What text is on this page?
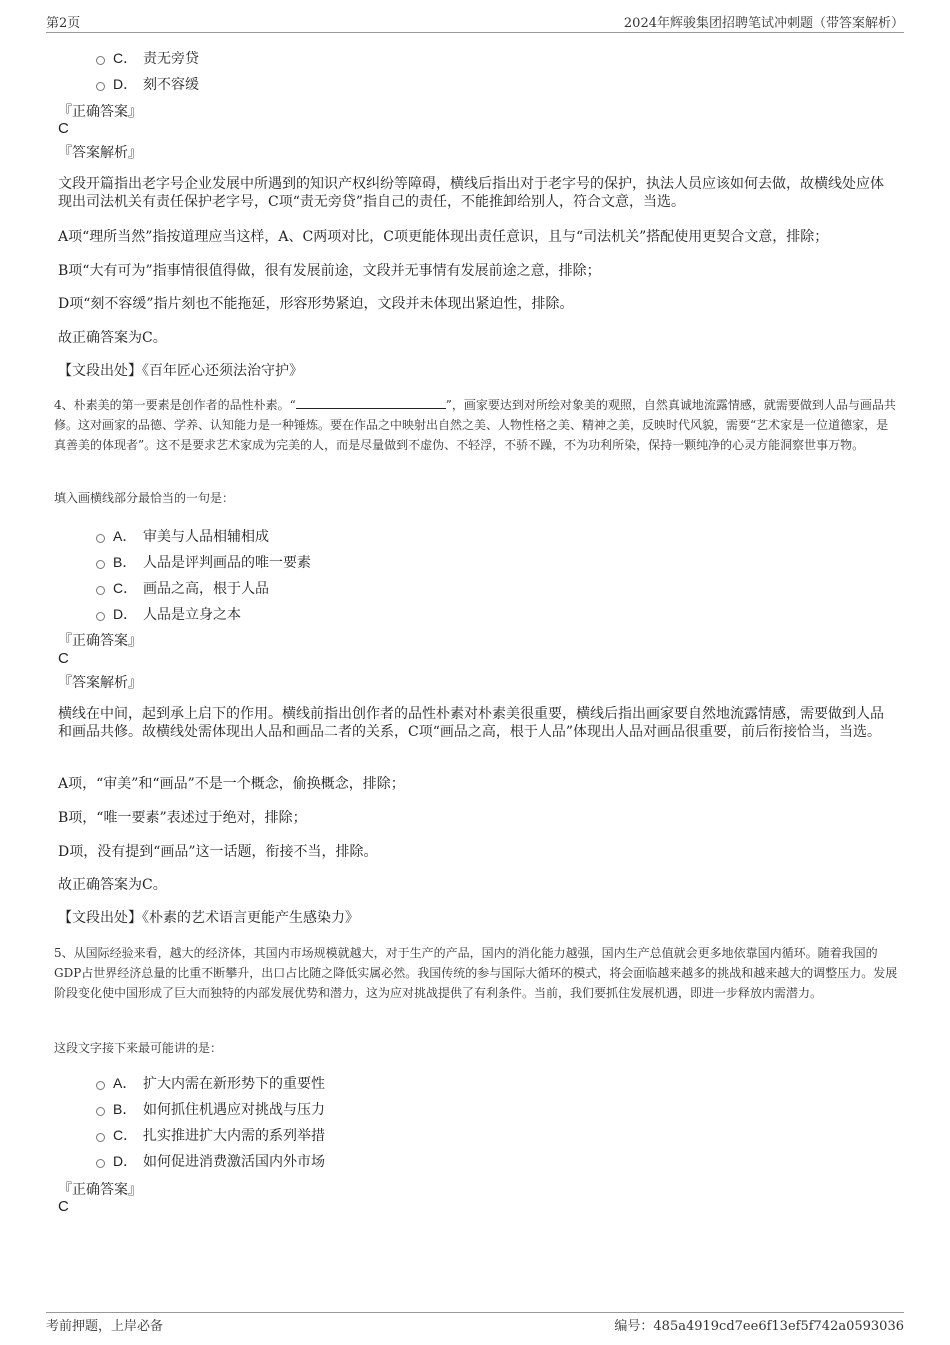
第2页	2024年辉骏集团招聘笔试冲刺题（带答案解析）
C． 责无旁贷
D． 刻不容缓
『正确答案』
C
『答案解析』
文段开篇指出老字号企业发展中所遇到的知识产权纠纷等障碍，横线后指出对于老字号的保护，执法人员应该如何去做，故横线处应体现出司法机关有责任保护老字号，C项“责无旁贷”指自己的责任，不能推卸给别人，符合文意，当选。
A项“理所当然”指按道理应当这样，A、C两项对比，C项更能体现出责任意识，且与“司法机关”搭配使用更契合文意，排除；
B项“大有可为”指事情很值得做，很有发展前途，文段并无事情有发展前途之意，排除；
D项“刻不容缓”指片刻也不能拖延，形容形势紧迫，文段并未体现出紧迫性，排除。
故正确答案为C。
【文段出处】《百年匠心还须法治守护》
4、朴素美的第一要素是创作者的品性朴素。“	”，画家要达到对所绘对象美的观照，自然真诚地流露情感，就需要做到人品与画品共修。这对画家的品德、学养、认知能力是一种锤炼。要在作品之中映射出自然之美、人物性格之美、精神之美，反映时代风貌，需要“艺术家是一位道德家，是真善美的体现者”。这不是要求艺术家成为完美的人，而是尽量做到不虚伪、不轻浮，不骄不躁，不为功利所染，保持一颗纯净的心灵方能洞察世事万物。
填入画横线部分最恰当的一句是：
A． 审美与人品相辅相成
B． 人品是评判画品的唯一要素
C． 画品之高，根于人品
D． 人品是立身之本
『正确答案』
C
『答案解析』
横线在中间，起到承上启下的作用。横线前指出创作者的品性朴素对朴素美很重要，横线后指出画家要自然地流露情感，需要做到人品和画品共修。故横线处需体现出人品和画品二者的关系，C项“画品之高，根于人品”体现出人品对画品很重要，前后衔接恰当，当选。
A项，“审美”和“画品”不是一个概念，偷换概念，排除；
B项，“唯一要素”表述过于绝对，排除；
D项，没有提到“画品”这一话题，衔接不当，排除。
故正确答案为C。
【文段出处】《朴素的艺术语言更能产生感染力》
5、从国际经验来看，越大的经济体，其国内市场规模就越大，对于生产的产品，国内的消化能力越强，国内生产总值就会更多地依靠国内循环。随着我国的GDP占世界经济总量的比重不断攀升，出口占比随之降低实属必然。我国传统的参与国际大循环的模式，将会面临越来越多的挑战和越来越大的调整压力。发展阶段变化使中国形成了巨大而独特的内部发展优势和潜力，这为应对挑战提供了有利条件。当前，我们要抓住发展机遇，即进一步释放内需潜力。
这段文字接下来最可能讲的是：
A． 扩大内需在新形势下的重要性
B． 如何抓住机遇应对挑战与压力
C． 扎实推进扩大内需的系列举措
D． 如何促进消费激活国内外市场
『正确答案』
C
考前押题，上岸必备	编号：485a4919cd7ee6f13ef5f742a0593036
